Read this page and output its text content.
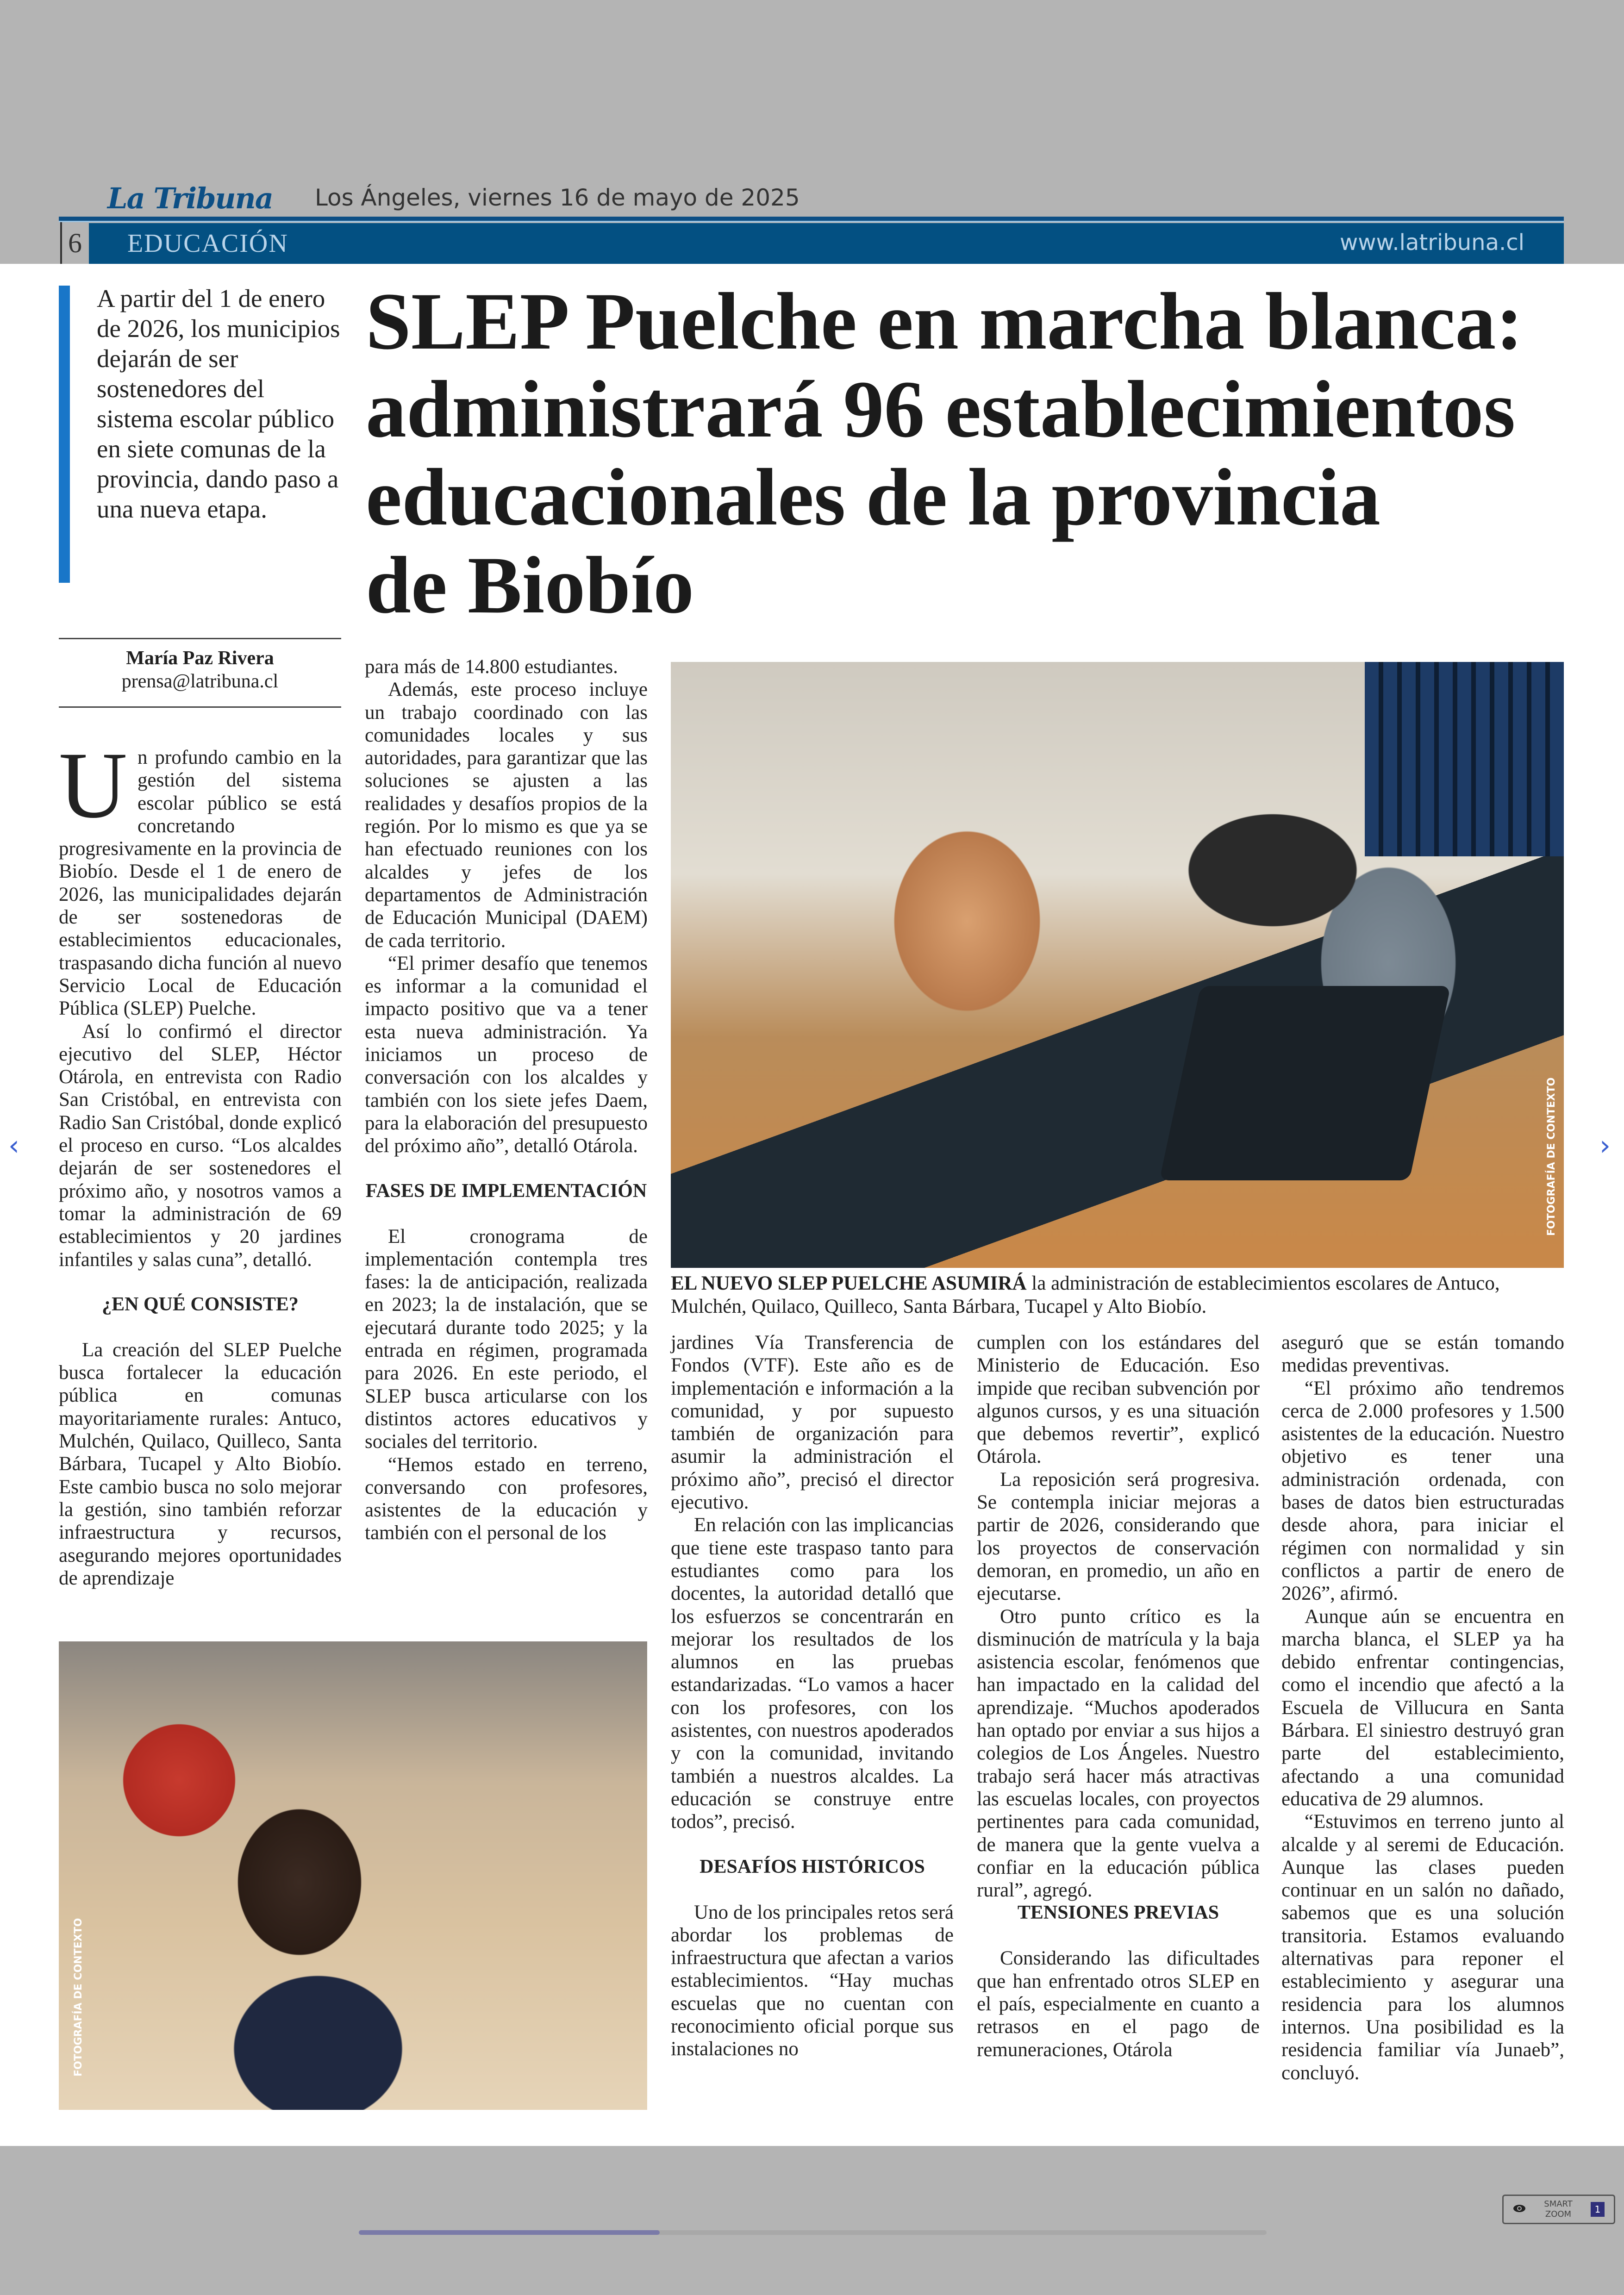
La Tribuna Los Ángeles, viernes 16 de mayo de 2025
6 EDUCACIÓN	www.latribuna.cl
A partir del 1 de enero de 2026, los municipios dejarán de ser sostenedores del sistema escolar público en siete comunas de la provincia, dando paso a una nueva etapa.
SLEP Puelche en marcha blanca:
administrará 96 establecimientos
educacionales de la provincia
de Biobío
María Paz Rivera
prensa@latribuna.cl
U n profundo cambio en la gestión del sistema escolar público se está concretando progresivamente en la provincia de Biobío. Desde el 1 de enero de 2026, las municipalidades dejarán de ser sostenedoras de establecimientos educacionales, traspasando dicha función al nuevo Servicio Local de Educación Pública (SLEP) Puelche.

Así lo confirmó el director ejecutivo del SLEP, Héctor Otárola, en entrevista con Radio San Cristóbal, en entrevista con Radio San Cristóbal, donde explicó el proceso en curso. “Los alcaldes dejarán de ser sostenedores el próximo año, y nosotros vamos a tomar la administración de 69 establecimientos y 20 jardines infantiles y salas cuna”, detalló.

¿EN QUÉ CONSISTE?

La creación del SLEP Puelche busca fortalecer la educación pública en comunas mayoritariamente rurales: Antuco, Mulchén, Quilaco, Quilleco, Santa Bárbara, Tucapel y Alto Biobío. Este cambio busca no solo mejorar la gestión, sino también reforzar infraestructura y recursos, asegurando mejores oportunidades de aprendizaje

para más de 14.800 estudiantes.

Además, este proceso incluye un trabajo coordinado con las comunidades locales y sus autoridades, para garantizar que las soluciones se ajusten a las realidades y desafíos propios de la región. Por lo mismo es que ya se han efectuado reuniones con los alcaldes y jefes de los departamentos de Administración de Educación Municipal (DAEM) de cada territorio.

“El primer desafío que tenemos es informar a la comunidad el impacto positivo que va a tener esta nueva administración. Ya iniciamos un proceso de conversación con los alcaldes y también con los siete jefes Daem, para la elaboración del presupuesto del próximo año”, detalló Otárola.

FASES DE IMPLEMENTACIÓN

El cronograma de implementación contempla tres fases: la de anticipación, realizada en 2023; la de instalación, que se ejecutará durante todo 2025; y la entrada en régimen, programada para 2026. En este periodo, el SLEP busca articularse con los distintos actores educativos y sociales del territorio.

“Hemos estado en terreno, conversando con profesores, asistentes de la educación y también con el personal de los

jardines Vía Transferencia de Fondos (VTF). Este año es de implementación e información a la comunidad, y por supuesto también de organización para asumir la administración el próximo año”, precisó el director ejecutivo.

En relación con las implicancias que tiene este traspaso tanto para estudiantes como para los docentes, la autoridad detalló que los esfuerzos se concentrarán en mejorar los resultados de los alumnos en las pruebas estandarizadas. “Lo vamos a hacer con los profesores, con los asistentes, con nuestros apoderados y con la comunidad, invitando también a nuestros alcaldes. La educación se construye entre todos”, precisó.

DESAFÍOS HISTÓRICOS

Uno de los principales retos será abordar los problemas de infraestructura que afectan a varios establecimientos. “Hay muchas escuelas que no cuentan con reconocimiento oficial porque sus instalaciones no

cumplen con los estándares del Ministerio de Educación. Eso impide que reciban subvención por algunos cursos, y es una situación que debemos revertir”, explicó Otárola.

La reposición será progresiva. Se contempla iniciar mejoras a partir de 2026, considerando que los proyectos de conservación demoran, en promedio, un año en ejecutarse.

Otro punto crítico es la disminución de matrícula y la baja asistencia escolar, fenómenos que han impactado en la calidad del aprendizaje. “Muchos apoderados han optado por enviar a sus hijos a colegios de Los Ángeles. Nuestro trabajo será hacer más atractivas las escuelas locales, con proyectos pertinentes para cada comunidad, de manera que la gente vuelva a confiar en la educación pública rural”, agregó.

TENSIONES PREVIAS

Considerando las dificultades que han enfrentado otros SLEP en el país, especialmente en cuanto a retrasos en el pago de remuneraciones, Otárola

aseguró que se están tomando medidas preventivas.

“El próximo año tendremos cerca de 2.000 profesores y 1.500 asistentes de la educación. Nuestro objetivo es tener una administración ordenada, con bases de datos bien estructuradas desde ahora, para iniciar el régimen con normalidad y sin conflictos a partir de enero de 2026”, afirmó.

Aunque aún se encuentra en marcha blanca, el SLEP ya ha debido enfrentar contingencias, como el incendio que afectó a la Escuela de Villucura en Santa Bárbara. El siniestro destruyó gran parte del establecimiento, afectando a una comunidad educativa de 29 alumnos.

“Estuvimos en terreno junto al alcalde y al seremi de Educación. Aunque las clases pueden continuar en un salón no dañado, sabemos que es una solución transitoria. Estamos evaluando alternativas para reponer el establecimiento y asegurar una residencia para los alumnos internos. Una posibilidad es la residencia familiar vía Junaeb”, concluyó.

FOTOGRAFÍA DE CONTEXTO
EL NUEVO SLEP PUELCHE ASUMIRÁ la administración de establecimientos escolares de Antuco, Mulchén, Quilaco, Quilleco, Santa Bárbara, Tucapel y Alto Biobío.
FOTOGRAFÍA DE CONTEXTO
‹	›
SMART
ZOOM	1
